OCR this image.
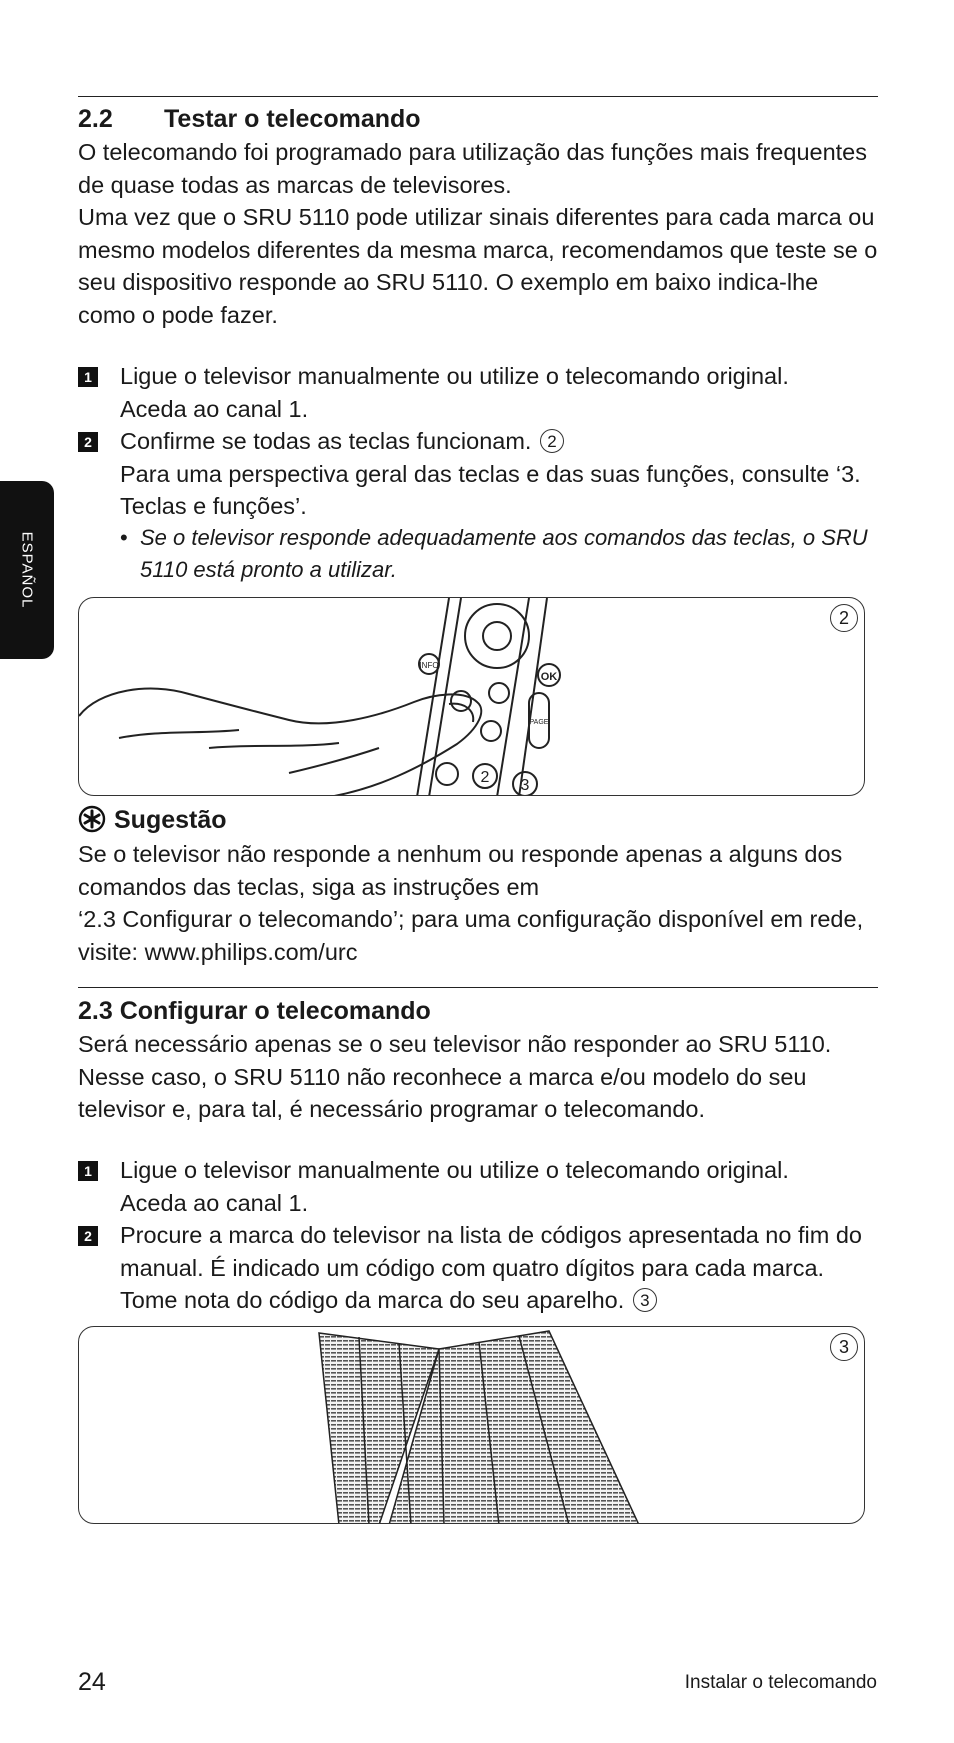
ESPAÑOL
2.2 Testar o telecomando

O telecomando foi programado para utilização das funções mais frequentes de quase todas as marcas de televisores.

Uma vez que o SRU 5110 pode utilizar sinais diferentes para cada marca ou mesmo modelos diferentes da mesma marca, recomendamos que teste se o seu dispositivo responde ao SRU 5110. O exemplo em baixo indica-lhe como o pode fazer.

1 Ligue o televisor manualmente ou utilize o telecomando original.

Aceda ao canal 1.

2 Confirme se todas as teclas funcionam. 2

Para uma perspectiva geral das teclas e das suas funções, consulte ‘3. Teclas e funções’.

• Se o televisor responde adequadamente aos comandos das teclas, o SRU 5110 está pronto a utilizar.
INFO
OK
PAGE
2 3
2
Sugestão

Se o televisor não responde a nenhum ou responde apenas a alguns dos comandos das teclas, siga as instruções em

‘2.3 Configurar o telecomando’; para uma configuração disponível em rede, visite: www.philips.com/urc

2.3 Configurar o telecomando
Será necessário apenas se o seu televisor não responder ao SRU 5110. Nesse caso, o SRU 5110 não reconhece a marca e/ou modelo do seu televisor e, para tal, é necessário programar o telecomando.
1 Ligue o televisor manualmente ou utilize o telecomando original.

Aceda ao canal 1.

2 Procure a marca do televisor na lista de códigos apresentada no fim do manual. É indicado um código com quatro dígitos para cada marca. Tome nota do código da marca do seu aparelho. 3

3
24	Instalar o telecomando
